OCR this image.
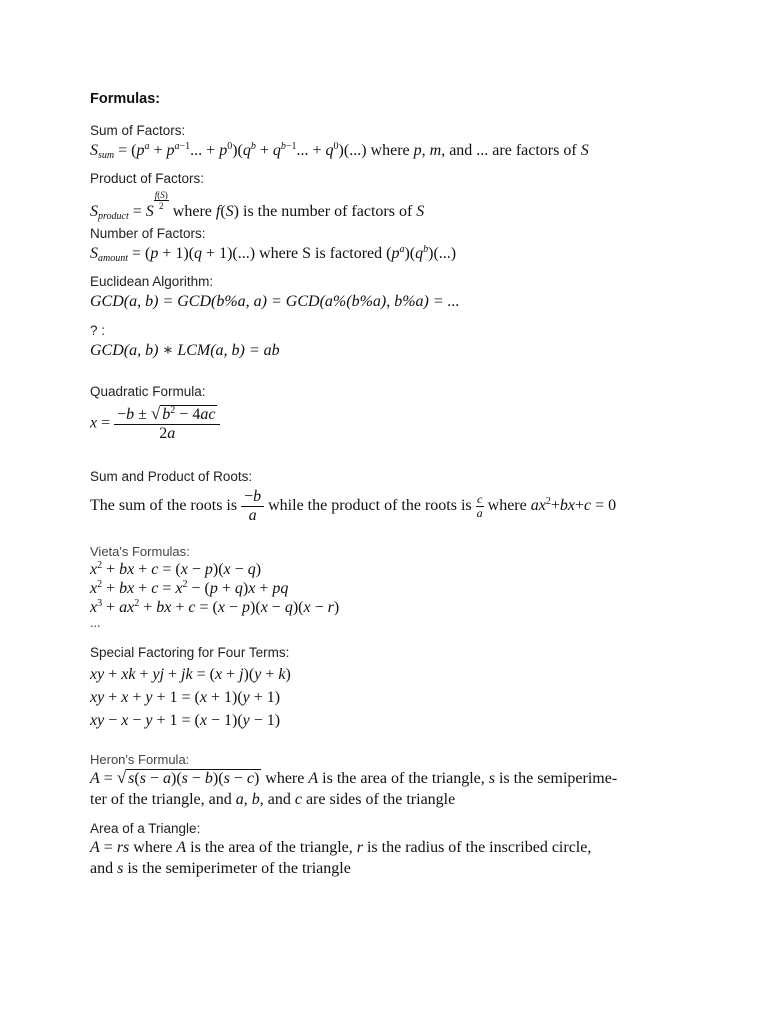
Formulas:
Sum of Factors:
$S_{sum} = (p^a + p^{a-1}$... + $p^0)(q^b + q^{b-1}$... + $q^0)(...)$ where p, m, and ... are factors of S
Product of Factors:
$S_{product} = S$
$\frac{f(S)}{2}$
where f(S) is the number of factors of S
Number of Factors:
$S_{amount} = (p + 1)(q + 1)(...)$ where S is factored $(p^a)(q^b)(...)$
Euclidean Algorithm:
GCD(a, b) = GCD(b%a, a) = GCD(a%(b%a), b%a) = ...
? :
GCD(a, b) ∗ LCM(a, b) = ab
Quadratic Formula:
$x = \frac{-b \pm √ b^2 - 4ac}{2a}$
Sum and Product of Roots:
The sum of the roots is $\frac{-b}{a}$ while the product of the roots is $\frac{c}{a}$ where $ax^2+bx+c = 0$
Vieta's Formulas:
$x^2$ + bx + c = (x − p)(x − q)
$x^2$ + bx + $c = x^2 - (p + q)x$ + pq
$x^3 + ax^2$ + bx + c = (x − p)(x − q)(x − r)
...
Special Factoring for Four Terms:
xy + xk + yj + jk = (x + j)(y + k)
xy + x + y + 1 = (x + 1)(y + 1)
xy − x − y + 1 = (x − 1)(y − 1)
Heron's Formula:
A = √ s(s − a)(s − b)(s − c) where A is the area of the triangle, s is the semiperime-
ter of the triangle, and a, b, and c are sides of the triangle
Area of a Triangle:
A = rs where A is the area of the triangle, r is the radius of the inscribed circle,
and s is the semiperimeter of the triangle
